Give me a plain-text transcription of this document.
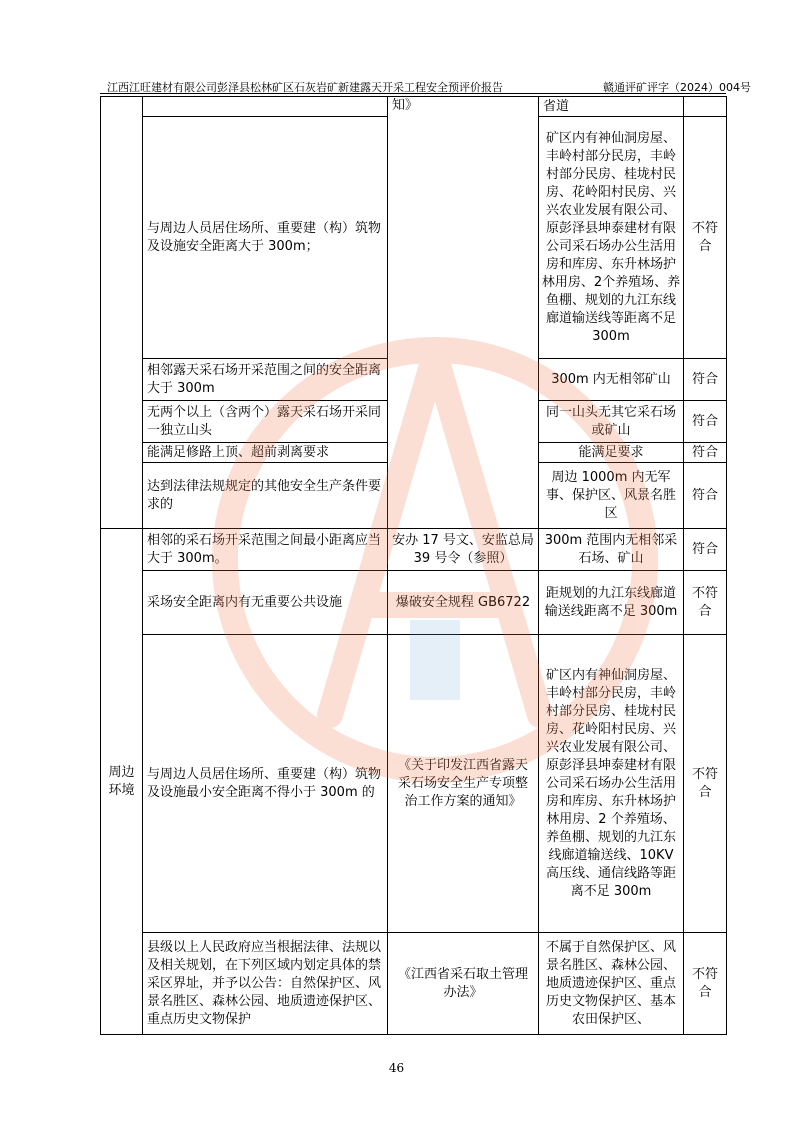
江西江旺建材有限公司彭泽县松林矿区石灰岩矿新建露天开采工程安全预评价报告	赣通评矿评字（2024）004号
		知》	省道	
	与周边人员居住场所、重要建（构）筑物及设施安全距离大于 300m；		矿区内有神仙洞房屋、丰岭村部分民房，丰岭村部分民房、桂垅村民房、花岭阳村民房、兴兴农业发展有限公司、原彭泽县坤泰建材有限公司采石场办公生活用房和库房、东升林场护林用房、2个养殖场、养鱼棚、规划的九江东线廊道输送线等距离不足 300m	不符合
	相邻露天采石场开采范围之间的安全距离大于 300m		300m 内无相邻矿山	符合
	无两个以上（含两个）露天采石场开采同一独立山头		同一山头无其它采石场或矿山	符合
	能满足修路上顶、超前剥离要求		能满足要求	符合
	达到法律法规规定的其他安全生产条件要求的		周边 1000m 内无军事、保护区、风景名胜区	符合
周边环境	相邻的采石场开采范围之间最小距离应当大于 300m。	安办 17 号文、安监总局 39 号令（参照）	300m 范围内无相邻采石场、矿山	符合
	采场安全距离内有无重要公共设施	爆破安全规程 GB6722	距规划的九江东线廊道输送线距离不足 300m	不符合
	与周边人员居住场所、重要建（构）筑物及设施最小安全距离不得小于 300m 的	《关于印发江西省露天采石场安全生产专项整治工作方案的通知》	矿区内有神仙洞房屋、丰岭村部分民房，丰岭村部分民房、桂垅村民房、花岭阳村民房、兴兴农业发展有限公司、原彭泽县坤泰建材有限公司采石场办公生活用房和库房、东升林场护林用房、2 个养殖场、养鱼棚、规划的九江东线廊道输送线、10KV 高压线、通信线路等距离不足 300m	不符合
	县级以上人民政府应当根据法律、法规以及相关规划，在下列区域内划定具体的禁采区界址，并予以公告：自然保护区、风景名胜区、森林公园、地质遗迹保护区、重点历史文物保护	《江西省采石取土管理办法》	不属于自然保护区、风景名胜区、森林公园、地质遗迹保护区、重点历史文物保护区、基本农田保护区、	不符合
46
